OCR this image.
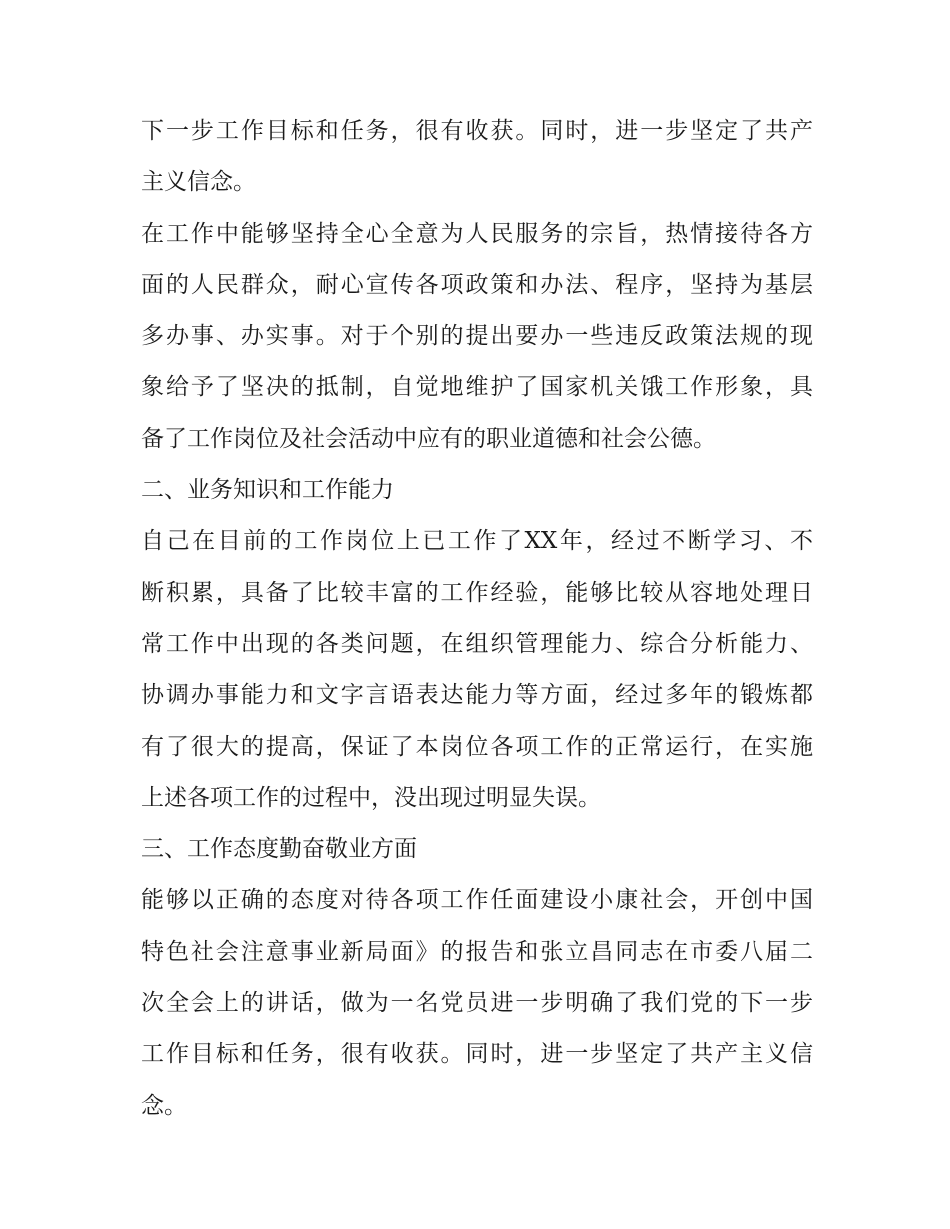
下一步工作目标和任务，很有收获。同时，进一步坚定了共产
主义信念。
在工作中能够坚持全心全意为人民服务的宗旨，热情接待各方
面的人民群众，耐心宣传各项政策和办法、程序，坚持为基层
多办事、办实事。对于个别的提出要办一些违反政策法规的现
象给予了坚决的抵制，自觉地维护了国家机关饿工作形象，具
备了工作岗位及社会活动中应有的职业道德和社会公德。
二、业务知识和工作能力
自己在目前的工作岗位上已工作了XX年，经过不断学习、不
断积累，具备了比较丰富的工作经验，能够比较从容地处理日
常工作中出现的各类问题，在组织管理能力、综合分析能力、
协调办事能力和文字言语表达能力等方面，经过多年的锻炼都
有了很大的提高，保证了本岗位各项工作的正常运行，在实施
上述各项工作的过程中，没出现过明显失误。
三、工作态度勤奋敬业方面
能够以正确的态度对待各项工作任面建设小康社会，开创中国
特色社会注意事业新局面》的报告和张立昌同志在市委八届二
次全会上的讲话，做为一名党员进一步明确了我们党的下一步
工作目标和任务，很有收获。同时，进一步坚定了共产主义信
念。
